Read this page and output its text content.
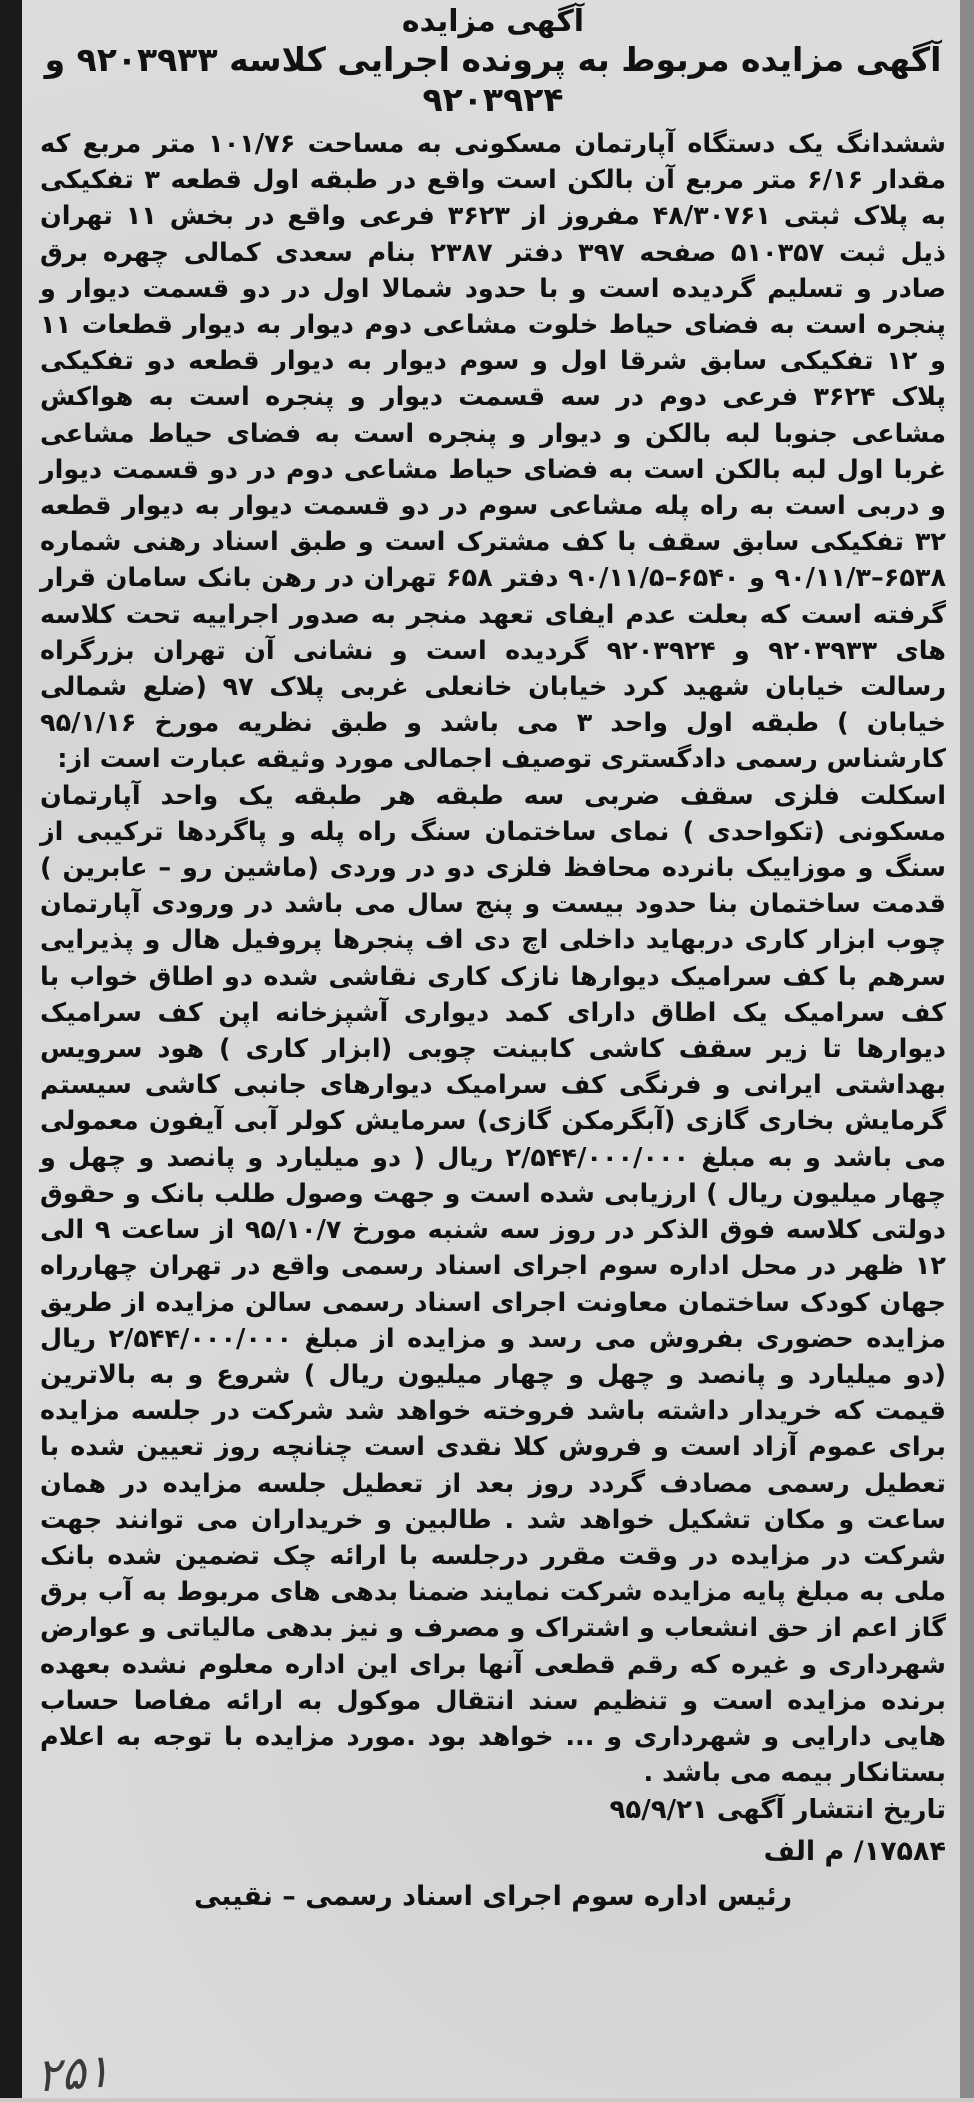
آگهی مزایده
آگهی مزایده مربوط به پرونده اجرایی کلاسه ۹۲۰۳۹۳۳ و ۹۲۰۳۹۲۴

ششدانگ یک دستگاه آپارتمان مسکونی به مساحت ۱۰۱/۷۶ متر مربع که مقدار ۶/۱۶ متر مربع آن بالکن است واقع در طبقه اول قطعه ۳ تفکیکی به پلاک ثبتی ۴۸/۳۰۷۶۱ مفروز از ۳۶۲۳ فرعی واقع در بخش ۱۱ تهران ذیل ثبت ۵۱۰۳۵۷ صفحه ۳۹۷ دفتر ۲۳۸۷ بنام سعدی کمالی چهره برق صادر و تسلیم گردیده است و با حدود شمالا اول در دو قسمت دیوار و پنجره است به فضای حیاط خلوت مشاعی دوم دیوار به دیوار قطعات ۱۱ و ۱۲ تفکیکی سابق شرقا اول و سوم دیوار به دیوار قطعه دو تفکیکی پلاک ۳۶۲۴ فرعی دوم در سه قسمت دیوار و پنجره است به هواکش مشاعی جنوبا لبه بالکن و دیوار و پنجره است به فضای حیاط مشاعی غربا اول لبه بالکن است به فضای حیاط مشاعی دوم در دو قسمت دیوار و دربی است به راه پله مشاعی سوم در دو قسمت دیوار به دیوار قطعه ۳۲ تفکیکی سابق سقف با کف مشترک است و طبق اسناد رهنی شماره ۶۵۳۸–۹۰/۱۱/۳ و ۶۵۴۰–۹۰/۱۱/۵ دفتر ۶۵۸ تهران در رهن بانک سامان قرار گرفته است که بعلت عدم ایفای تعهد منجر به صدور اجراییه تحت کلاسه های ۹۲۰۳۹۳۳ و ۹۲۰۳۹۲۴ گردیده است و نشانی آن تهران بزرگراه رسالت خیابان شهید کرد خیابان خانعلی غربی پلاک ۹۷ (ضلع شمالی خیابان ) طبقه اول واحد ۳ می باشد و طبق نظریه مورخ ۹۵/۱/۱۶ کارشناس رسمی دادگستری توصیف اجمالی مورد وثیقه عبارت است از:

اسکلت فلزی سقف ضربی سه طبقه هر طبقه یک واحد آپارتمان مسکونی (تکواحدی ) نمای ساختمان سنگ راه پله و پاگردها ترکیبی از سنگ و موزاییک بانرده محافظ فلزی دو در وردی (ماشین رو – عابرین ) قدمت ساختمان بنا حدود بیست و پنج سال می باشد در ورودی آپارتمان چوب ابزار کاری دربهاید داخلی اچ دی اف پنجرها پروفیل هال و پذیرایی سرهم با کف سرامیک دیوارها نازک کاری نقاشی شده دو اطاق خواب با کف سرامیک یک اطاق دارای کمد دیواری آشپزخانه اپن کف سرامیک دیوارها تا زیر سقف کاشی کابینت چوبی (ابزار کاری ) هود سرویس بهداشتی ایرانی و فرنگی کف سرامیک دیوارهای جانبی کاشی سیستم گرمایش بخاری گازی (آبگرمکن گازی) سرمایش کولر آبی آیفون معمولی می باشد و به مبلغ ۲/۵۴۴/۰۰۰/۰۰۰ ریال ( دو میلیارد و پانصد و چهل و چهار میلیون ریال ) ارزیابی شده است و جهت وصول طلب بانک و حقوق دولتی کلاسه فوق الذکر در روز سه شنبه مورخ ۹۵/۱۰/۷ از ساعت ۹ الی ۱۲ ظهر در محل اداره سوم اجرای اسناد رسمی واقع در تهران چهارراه جهان کودک ساختمان معاونت اجرای اسناد رسمی سالن مزایده از طریق مزایده حضوری بفروش می رسد و مزایده از مبلغ ۲/۵۴۴/۰۰۰/۰۰۰ ریال (دو میلیارد و پانصد و چهل و چهار میلیون ریال ) شروع و به بالاترین قیمت که خریدار داشته باشد فروخته خواهد شد شرکت در جلسه مزایده برای عموم آزاد است و فروش کلا نقدی است چنانچه روز تعیین شده با تعطیل رسمی مصادف گردد روز بعد از تعطیل جلسه مزایده در همان ساعت و مکان تشکیل خواهد شد . طالبین و خریداران می توانند جهت شرکت در مزایده در وقت مقرر درجلسه با ارائه چک تضمین شده بانک ملی به مبلغ پایه مزایده شرکت نمایند ضمنا بدهی های مربوط به آب برق گاز اعم از حق انشعاب و اشتراک و مصرف و نیز بدهی مالیاتی و عوارض شهرداری و غیره که رقم قطعی آنها برای این اداره معلوم نشده بعهده برنده مزایده است و تنظیم سند انتقال موکول به ارائه مفاصا حساب هایی دارایی و شهرداری و ... خواهد بود .مورد مزایده با توجه به اعلام بستانکار بیمه می باشد .

تاریخ انتشار آگهی ۹۵/۹/۲۱

۱۷۵۸۴/ م الف

رئیس اداره سوم اجرای اسناد رسمی – نقیبی

۲۵۱
